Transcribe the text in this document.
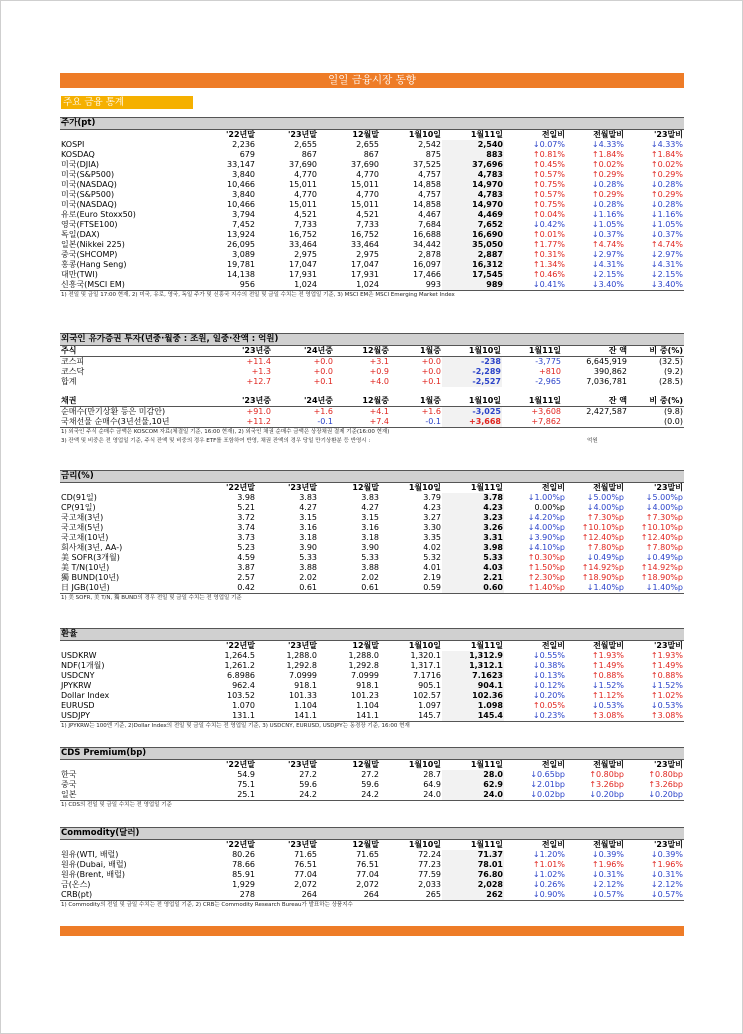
일일 금융시장 동향
주요 금융 통계
주가(pt)
	'22년말	'23년말	12월말	1월10일	1월11일	전일비	전월말비	'23말비
KOSPI	2,236	2,655	2,655	2,542	2,540	↓0.07%	↓4.33%	↓4.33%
KOSDAQ	679	867	867	875	883	↑0.81%	↑1.84%	↑1.84%
미국(DJIA)	33,147	37,690	37,690	37,525	37,696	↑0.45%	↑0.02%	↑0.02%
미국(S&P500)	3,840	4,770	4,770	4,757	4,783	↑0.57%	↑0.29%	↑0.29%
미국(NASDAQ)	10,466	15,011	15,011	14,858	14,970	↑0.75%	↓0.28%	↓0.28%
미국(S&P500)	3,840	4,770	4,770	4,757	4,783	↑0.57%	↑0.29%	↑0.29%
미국(NASDAQ)	10,466	15,011	15,011	14,858	14,970	↑0.75%	↓0.28%	↓0.28%
유로(Euro Stoxx50)	3,794	4,521	4,521	4,467	4,469	↑0.04%	↓1.16%	↓1.16%
영국(FTSE100)	7,452	7,733	7,733	7,684	7,652	↓0.42%	↓1.05%	↓1.05%
독일(DAX)	13,924	16,752	16,752	16,688	16,690	↑0.01%	↓0.37%	↓0.37%
일본(Nikkei 225)	26,095	33,464	33,464	34,442	35,050	↑1.77%	↑4.74%	↑4.74%
중국(SHCOMP)	3,089	2,975	2,975	2,878	2,887	↑0.31%	↓2.97%	↓2.97%
홍콩(Hang Seng)	19,781	17,047	17,047	16,097	16,312	↑1.34%	↓4.31%	↓4.31%
대만(TWI)	14,138	17,931	17,931	17,466	17,545	↑0.46%	↓2.15%	↓2.15%
신흥국(MSCI EM)	956	1,024	1,024	993	989	↓0.41%	↓3.40%	↓3.40%
1) 전일 및 금일 17:00 현재, 2) 미국, 유로, 영국, 독일 주가 및 신흥국 지수의 전일 및 금일 수치는 전 영업일 기준, 3) MSCI EM은 MSCI Emerging Market Index
외국인 유가증권 투자(년중·월중 : 조원, 일중·잔액 : 억원)
주식	'23년중	'24년중	12월중	1월중	1월10일	1월11일	잔 액	비 중(%)
코스피	+11.4	+0.0	+3.1	+0.0	-238	-3,775	6,645,919	(32.5)
코스닥	+1.3	+0.0	+0.9	+0.0	-2,289	+810	390,862	(9.2)
합계	+12.7	+0.1	+4.0	+0.1	-2,527	-2,965	7,036,781	(28.5)
채권	'23년중	'24년중	12월중	1월중	1월10일	1월11일	잔 액	비 중(%)
순매수(만기상환 등은 미감안)	+91.0	+1.6	+4.1	+1.6	-3,025	+3,608	2,427,587	(9.8)
국채선물 순매수(3년선물,10년	+11.2	-0.1	+7.4	-0.1	+3,668	+7,862		(0.0)
1) 외국인 주식 순매수 금액은 KOSCOM 자료(체결일 기준, 16:00 현재), 2) 외국인 채권 순매수 금액은 상장채권 결제 기준(16:00 현재)
3) 잔액 및 비중은 전 영업일 기준, 주식 잔액 및 비중의 경우 ETF를 포함하여 반영, 채권 잔액의 경우 당일 만기상환분 등 반영시 :	억원
금리(%)
	'22년말	'23년말	12월말	1월10일	1월11일	전일비	전월말비	'23말비
CD(91일)	3.98	3.83	3.83	3.79	3.78	↓1.00%p	↓5.00%p	↓5.00%p
CP(91일)	5.21	4.27	4.27	4.23	4.23	0.00%p	↓4.00%p	↓4.00%p
국고채(3년)	3.72	3.15	3.15	3.27	3.23	↓4.20%p	↑7.30%p	↑7.30%p
국고채(5년)	3.74	3.16	3.16	3.30	3.26	↓4.00%p	↑10.10%p	↑10.10%p
국고채(10년)	3.73	3.18	3.18	3.35	3.31	↓3.90%p	↑12.40%p	↑12.40%p
회사채(3년, AA-)	5.23	3.90	3.90	4.02	3.98	↓4.10%p	↑7.80%p	↑7.80%p
美 SOFR(3개월)	4.59	5.33	5.33	5.32	5.33	↑0.30%p	↓0.49%p	↓0.49%p
美 T/N(10년)	3.87	3.88	3.88	4.01	4.03	↑1.50%p	↑14.92%p	↑14.92%p
獨 BUND(10년)	2.57	2.02	2.02	2.19	2.21	↑2.30%p	↑18.90%p	↑18.90%p
日 JGB(10년)	0.42	0.61	0.61	0.59	0.60	↑1.40%p	↓1.40%p	↓1.40%p
1) 美 SOFR, 美 T/N, 獨 BUND의 경우 전일 및 금일 수치는 전 영업일 기준
환율
	'22년말	'23년말	12월말	1월10일	1월11일	전일비	전월말비	'23말비
USDKRW	1,264.5	1,288.0	1,288.0	1,320.1	1,312.9	↓0.55%	↑1.93%	↑1.93%
NDF(1개월)	1,261.2	1,292.8	1,292.8	1,317.1	1,312.1	↓0.38%	↑1.49%	↑1.49%
USDCNY	6.8986	7.0999	7.0999	7.1716	7.1623	↓0.13%	↑0.88%	↑0.88%
JPYKRW	962.4	918.1	918.1	905.1	904.1	↓0.12%	↓1.52%	↓1.52%
Dollar Index	103.52	101.33	101.23	102.57	102.36	↓0.20%	↑1.12%	↑1.02%
EURUSD	1.070	1.104	1.104	1.097	1.098	↑0.05%	↓0.53%	↓0.53%
USDJPY	131.1	141.1	141.1	145.7	145.4	↓0.23%	↑3.08%	↑3.08%
1) JPYKRW는 100엔 기준, 2)Dollar Index의 전일 및 금일 수치는 전 영업일 기준, 3) USDCNY, EURUSD, USDJPY는 동경장 기준, 16:00 현재
CDS Premium(bp)
	'22년말	'23년말	12월말	1월10일	1월11일	전일비	전월말비	'23말비
한국	54.9	27.2	27.2	28.7	28.0	↓0.65bp	↑0.80bp	↑0.80bp
중국	75.1	59.6	59.6	64.9	62.9	↓2.01bp	↑3.26bp	↑3.26bp
일본	25.1	24.2	24.2	24.0	24.0	↓0.02bp	↓0.20bp	↓0.20bp
1) CDS의 전일 및 금일 수치는 전 영업일 기준
Commodity(달러)
	'22년말	'23년말	12월말	1월10일	1월11일	전일비	전월말비	'23말비
원유(WTI, 배럴)	80.26	71.65	71.65	72.24	71.37	↓1.20%	↓0.39%	↓0.39%
원유(Dubai, 배럴)	78.66	76.51	76.51	77.23	78.01	↑1.01%	↑1.96%	↑1.96%
원유(Brent, 배럴)	85.91	77.04	77.04	77.59	76.80	↓1.02%	↓0.31%	↓0.31%
금(온스)	1,929	2,072	2,072	2,033	2,028	↓0.26%	↓2.12%	↓2.12%
CRB(pt)	278	264	264	265	262	↓0.90%	↓0.57%	↓0.57%
1) Commodity의 전일 및 금일 수치는 전 영업일 기준, 2) CRB는 Commodity Research Bureau가 발표하는 상품지수
